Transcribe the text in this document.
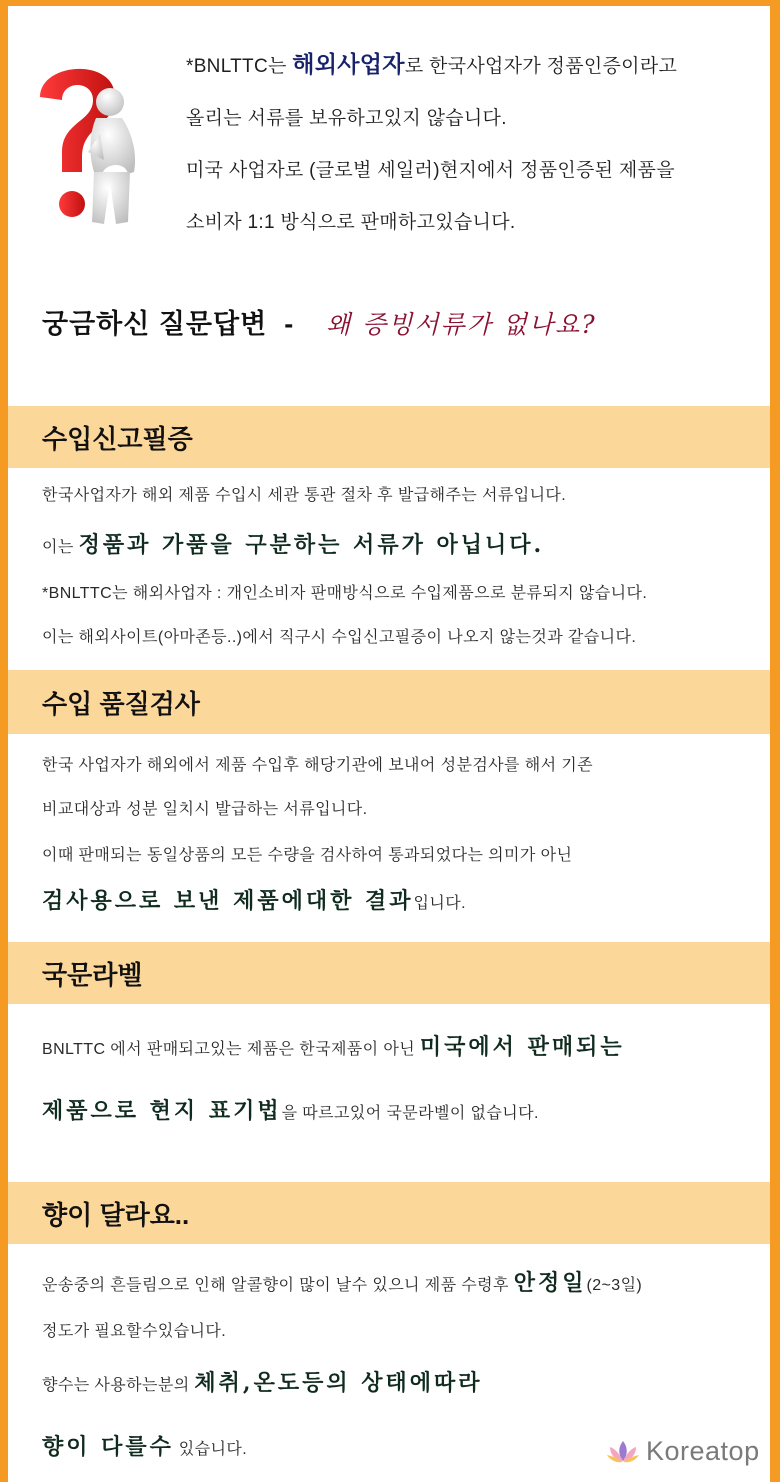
*BNLTTC는 해외사업자로 한국사업자가 정품인증이라고
올리는 서류를 보유하고있지 않습니다.
미국 사업자로 (글로벌 세일러)현지에서 정품인증된 제품을
소비자 1:1 방식으로 판매하고있습니다.
궁금하신 질문답변 - 왜 증빙서류가 없나요?
수입신고필증
한국사업자가 해외 제품 수입시 세관 통관 절차 후 발급해주는 서류입니다.
이는 정품과 가품을 구분하는 서류가 아닙니다.
*BNLTTC는 해외사업자 : 개인소비자 판매방식으로 수입제품으로 분류되지 않습니다.
이는 해외사이트(아마존등..)에서 직구시 수입신고필증이 나오지 않는것과 같습니다.
수입 품질검사
한국 사업자가 해외에서 제품 수입후 해당기관에 보내어 성분검사를 해서 기존
비교대상과 성분 일치시 발급하는 서류입니다.
이때 판매되는 동일상품의 모든 수량을 검사하여 통과되었다는 의미가 아닌
검사용으로 보낸 제품에대한 결과입니다.
국문라벨
BNLTTC 에서 판매되고있는 제품은 한국제품이 아닌 미국에서 판매되는
제품으로 현지 표기법을 따르고있어 국문라벨이 없습니다.
향이 달라요..
운송중의 흔들림으로 인해 알콜향이 많이 날수 있으니 제품 수령후 안정일(2~3일)
정도가 필요할수있습니다.
향수는 사용하는분의 체취,온도등의 상태에따라
향이 다를수 있습니다.	Koreatop
